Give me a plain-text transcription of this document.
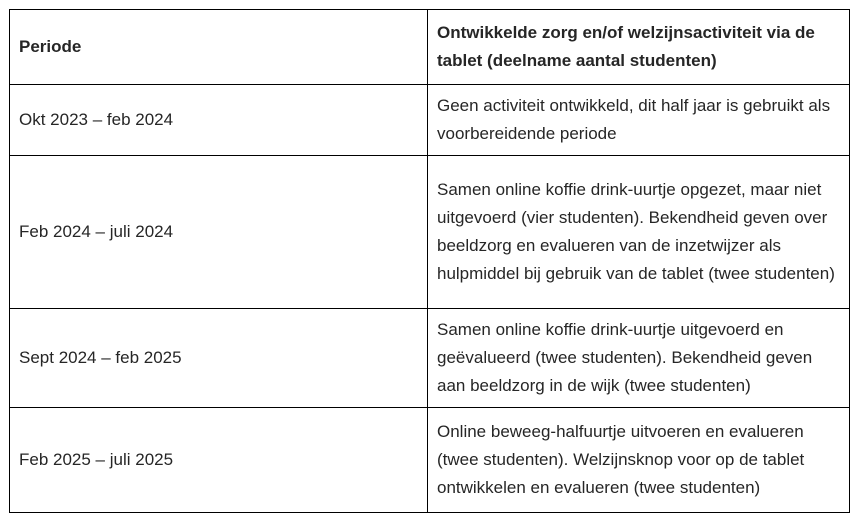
Periode	Ontwikkelde zorg en/of welzijnsactiviteit via de tablet (deelname aantal studenten)
Okt 2023 – feb 2024	Geen activiteit ontwikkeld, dit half jaar is gebruikt als voorbereidende periode
Feb 2024 – juli 2024	Samen online koffie drink-uurtje opgezet, maar niet uitgevoerd (vier studenten). Bekendheid geven over beeldzorg en evalueren van de inzetwijzer als hulpmiddel bij gebruik van de tablet (twee studenten)
Sept 2024 – feb 2025	Samen online koffie drink-uurtje uitgevoerd en geëvalueerd (twee studenten). Bekendheid geven aan beeldzorg in de wijk (twee studenten)
Feb 2025 – juli 2025	Online beweeg-halfuurtje uitvoeren en evalueren (twee studenten). Welzijnsknop voor op de tablet ontwikkelen en evalueren (twee studenten)
